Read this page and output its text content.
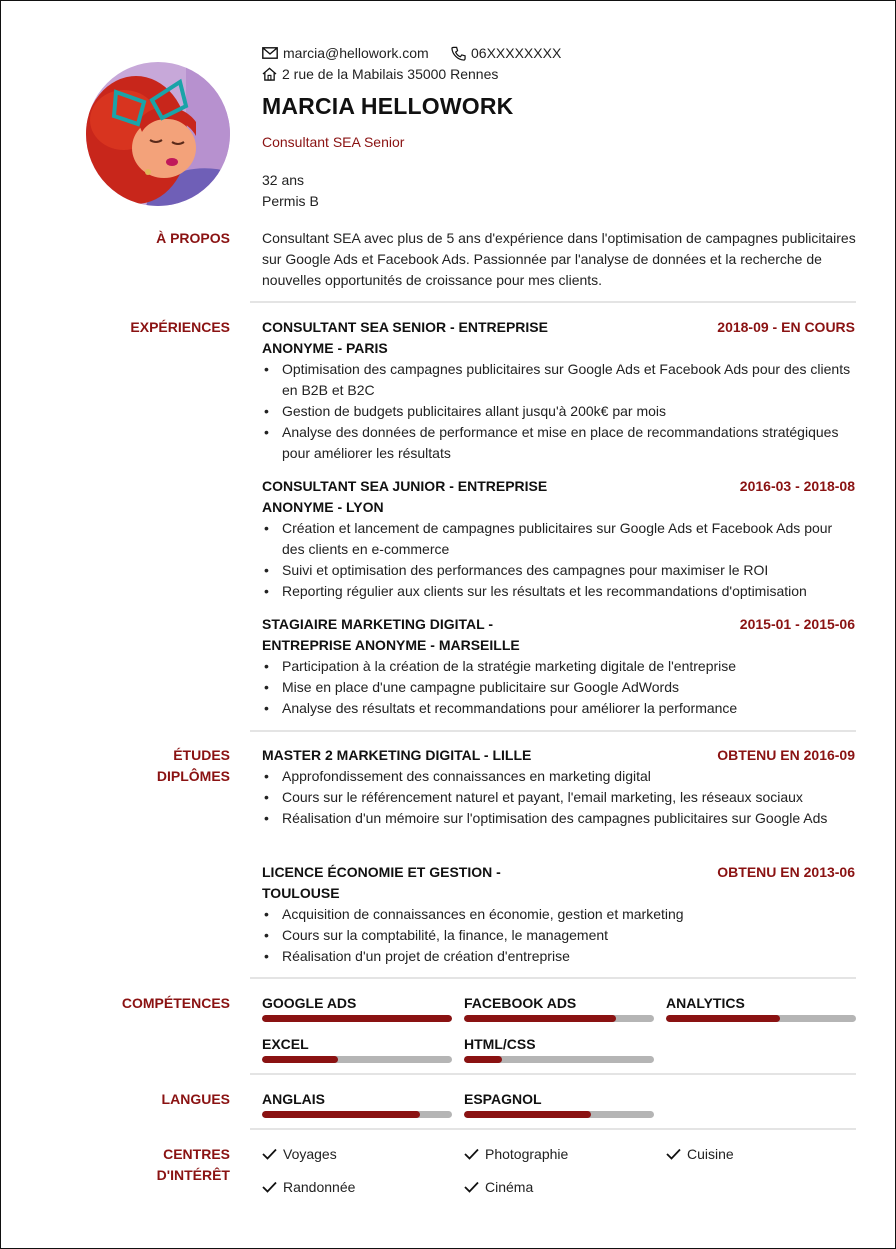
marcia@hellowork.com	06XXXXXXXX
2 rue de la Mabilais 35000 Rennes
MARCIA HELLOWORK
Consultant SEA Senior
32 ans
Permis B
À PROPOS Consultant SEA avec plus de 5 ans d'expérience dans l'optimisation de campagnes publicitaires sur Google Ads et Facebook Ads. Passionnée par l'analyse de données et la recherche de nouvelles opportunités de croissance pour mes clients.
EXPÉRIENCES CONSULTANT SEA SENIOR - ENTREPRISE
ANONYME - PARIS
2018-09 - EN COURS
• Optimisation des campagnes publicitaires sur Google Ads et Facebook Ads pour des clients en B2B et B2C
• Gestion de budgets publicitaires allant jusqu'à 200k€ par mois
• Analyse des données de performance et mise en place de recommandations stratégiques pour améliorer les résultats
CONSULTANT SEA JUNIOR - ENTREPRISE
ANONYME - LYON
2016-03 - 2018-08
• Création et lancement de campagnes publicitaires sur Google Ads et Facebook Ads pour des clients en e-commerce
• Suivi et optimisation des performances des campagnes pour maximiser le ROI
• Reporting régulier aux clients sur les résultats et les recommandations d'optimisation
STAGIAIRE MARKETING DIGITAL -
ENTREPRISE ANONYME - MARSEILLE
2015-01 - 2015-06
• Participation à la création de la stratégie marketing digitale de l'entreprise
• Mise en place d'une campagne publicitaire sur Google AdWords
• Analyse des résultats et recommandations pour améliorer la performance
ÉTUDES
DIPLÔMES
MASTER 2 MARKETING DIGITAL - LILLE	OBTENU EN 2016-09
• Approfondissement des connaissances en marketing digital
• Cours sur le référencement naturel et payant, l'email marketing, les réseaux sociaux
• Réalisation d'un mémoire sur l'optimisation des campagnes publicitaires sur Google Ads
LICENCE ÉCONOMIE ET GESTION -
TOULOUSE
OBTENU EN 2013-06
• Acquisition de connaissances en économie, gestion et marketing
• Cours sur la comptabilité, la finance, le management
• Réalisation d'un projet de création d'entreprise
COMPÉTENCES GOOGLE ADS	FACEBOOK ADS	ANALYTICS
EXCEL	HTML/CSS
LANGUES ANGLAIS	ESPAGNOL
CENTRES
D'INTÉRÊT
Voyages	Photographie	Cuisine
Randonnée	Cinéma
